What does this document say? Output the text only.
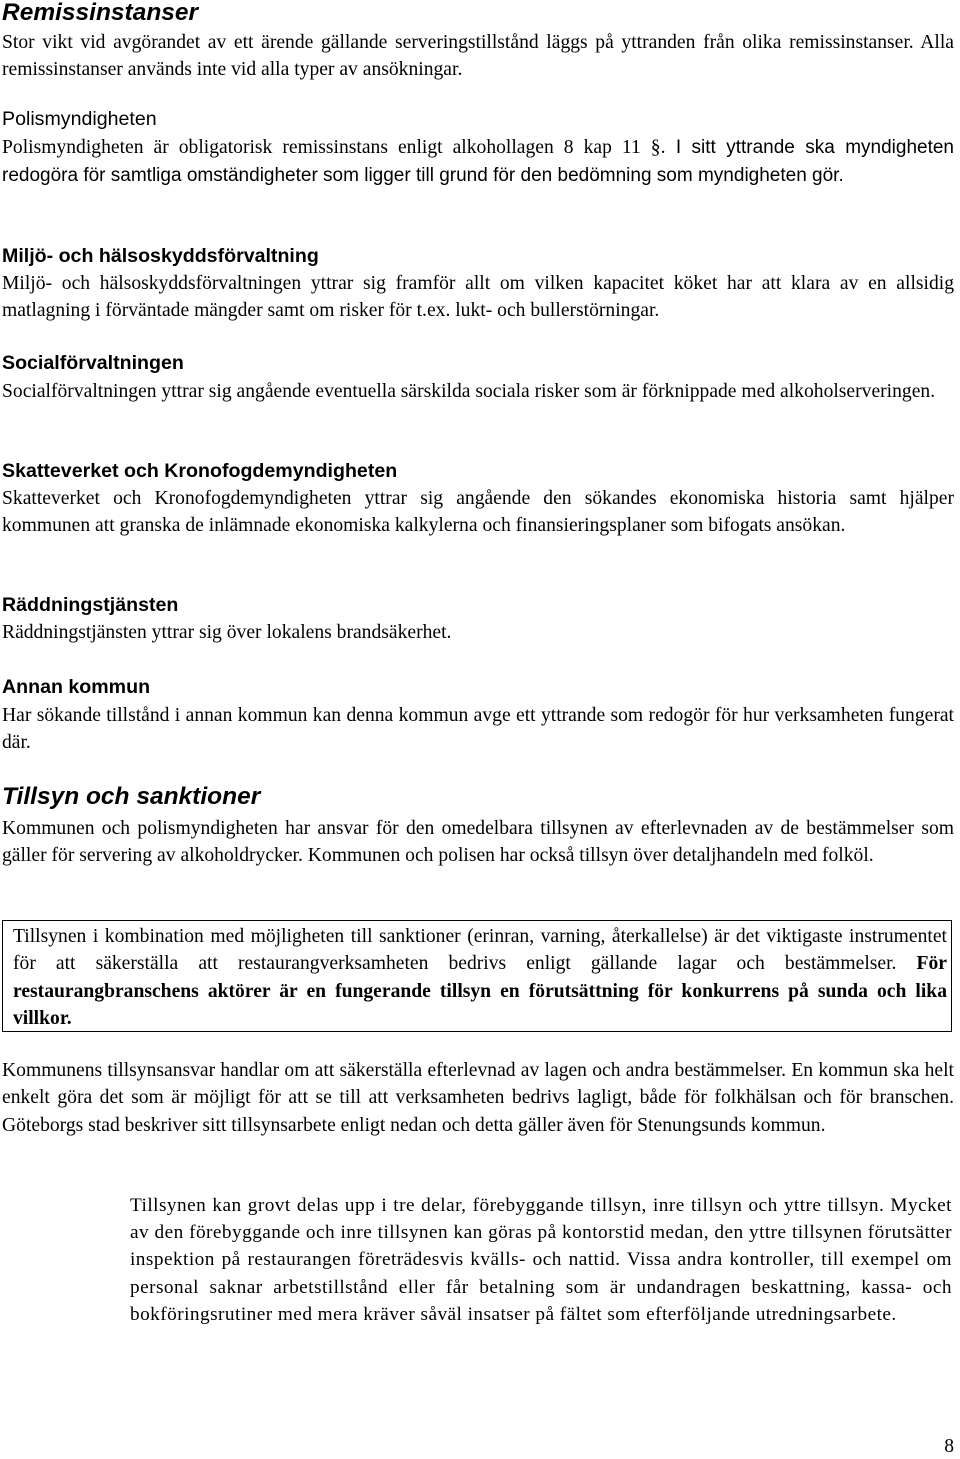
Remissinstanser

Stor vikt vid avgörandet av ett ärende gällande serveringstillstånd läggs på yttranden från olika remissinstanser. Alla remissinstanser används inte vid alla typer av ansökningar.

Polismyndigheten

Polismyndigheten är obligatorisk remissinstans enligt alkohollagen 8 kap 11 §. I sitt yttrande ska myndigheten redogöra för samtliga omständigheter som ligger till grund för den bedömning som myndigheten gör.

Miljö- och hälsoskyddsförvaltning

Miljö- och hälsoskyddsförvaltningen yttrar sig framför allt om vilken kapacitet köket har att klara av en allsidig matlagning i förväntade mängder samt om risker för t.ex. lukt- och bullerstörningar.

Socialförvaltningen

Socialförvaltningen yttrar sig angående eventuella särskilda sociala risker som är förknippade med alkoholserveringen.

Skatteverket och Kronofogdemyndigheten

Skatteverket och Kronofogdemyndigheten yttrar sig angående den sökandes ekonomiska historia samt hjälper kommunen att granska de inlämnade ekonomiska kalkylerna och finansieringsplaner som bifogats ansökan.

Räddningstjänsten

Räddningstjänsten yttrar sig över lokalens brandsäkerhet.

Annan kommun

Har sökande tillstånd i annan kommun kan denna kommun avge ett yttrande som redogör för hur verksamheten fungerat där.

Tillsyn och sanktioner

Kommunen och polismyndigheten har ansvar för den omedelbara tillsynen av efterlevnaden av de bestämmelser som gäller för servering av alkoholdrycker. Kommunen och polisen har också tillsyn över detaljhandeln med folköl.

Tillsynen i kombination med möjligheten till sanktioner (erinran, varning, återkallelse) är det viktigaste instrumentet för att säkerställa att restaurangverksamheten bedrivs enligt gällande lagar och bestämmelser. För restaurangbranschens aktörer är en fungerande tillsyn en förutsättning för konkurrens på sunda och lika villkor.

Kommunens tillsynsansvar handlar om att säkerställa efterlevnad av lagen och andra bestämmelser. En kommun ska helt enkelt göra det som är möjligt för att se till att verksamheten bedrivs lagligt, både för folkhälsan och för branschen. Göteborgs stad beskriver sitt tillsynsarbete enligt nedan och detta gäller även för Stenungsunds kommun.

Tillsynen kan grovt delas upp i tre delar, förebyggande tillsyn, inre tillsyn och yttre tillsyn. Mycket av den förebyggande och inre tillsynen kan göras på kontorstid medan, den yttre tillsynen förutsätter inspektion på restaurangen företrädesvis kvälls- och nattid. Vissa andra kontroller, till exempel om personal saknar arbetstillstånd eller får betalning som är undandragen beskattning, kassa- och bokföringsrutiner med mera kräver såväl insatser på fältet som efterföljande utredningsarbete.

8
